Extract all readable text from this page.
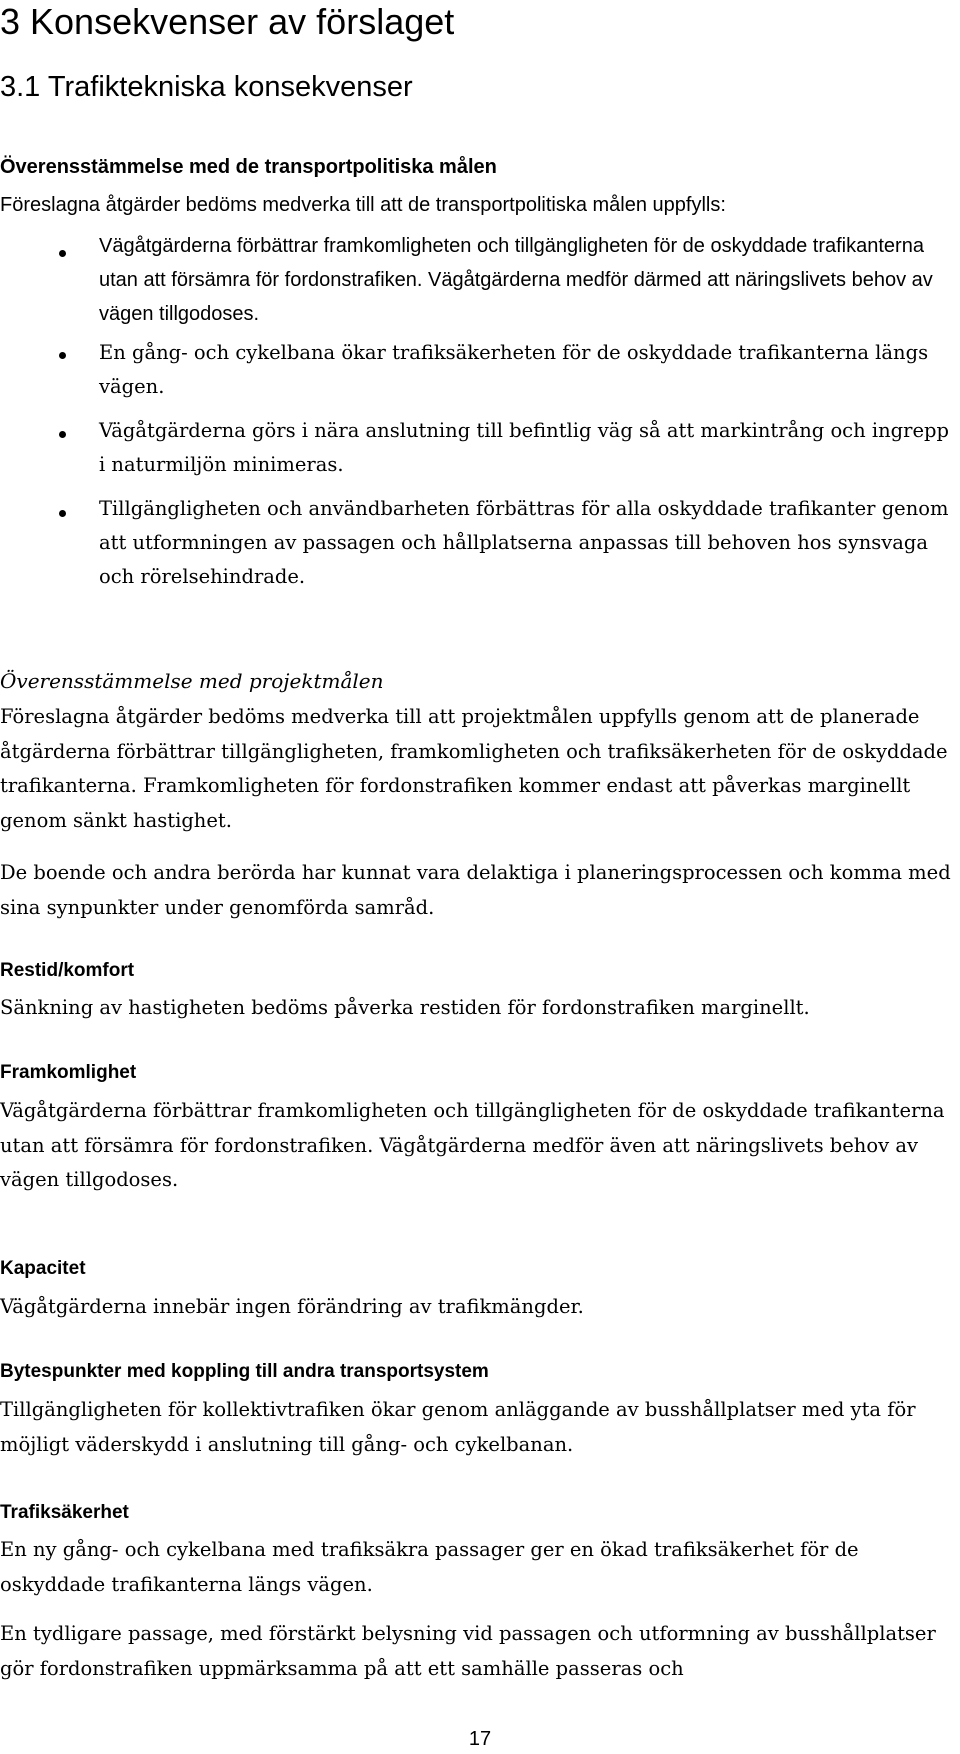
3 Konsekvenser av förslaget
3.1 Trafiktekniska konsekvenser
Överensstämmelse med de transportpolitiska målen

Föreslagna åtgärder bedöms medverka till att de transportpolitiska målen uppfylls:

Vägåtgärderna förbättrar framkomligheten och tillgängligheten för de oskyddade trafikanterna utan att försämra för fordonstrafiken. Vägåtgärderna medför därmed att näringslivets behov av vägen tillgodoses.

En gång- och cykelbana ökar trafiksäkerheten för de oskyddade trafikanterna längs vägen.

Vägåtgärderna görs i nära anslutning till befintlig väg så att markintrång och ingrepp i naturmiljön minimeras.

Tillgängligheten och användbarheten förbättras för alla oskyddade trafikanter genom att utformningen av passagen och hållplatserna anpassas till behoven hos synsvaga och rörelsehindrade.

Överensstämmelse med projektmålen

Föreslagna åtgärder bedöms medverka till att projektmålen uppfylls genom att de planerade åtgärderna förbättrar tillgängligheten, framkomligheten och trafiksäkerheten för de oskyddade trafikanterna. Framkomligheten för fordonstrafiken kommer endast att påverkas marginellt genom sänkt hastighet.

De boende och andra berörda har kunnat vara delaktiga i planeringsprocessen och komma med sina synpunkter under genomförda samråd.

Restid/komfort

Sänkning av hastigheten bedöms påverka restiden för fordonstrafiken marginellt.

Framkomlighet

Vägåtgärderna förbättrar framkomligheten och tillgängligheten för de oskyddade trafikanterna utan att försämra för fordonstrafiken. Vägåtgärderna medför även att näringslivets behov av vägen tillgodoses.

Kapacitet

Vägåtgärderna innebär ingen förändring av trafikmängder.

Bytespunkter med koppling till andra transportsystem

Tillgängligheten för kollektivtrafiken ökar genom anläggande av busshållplatser med yta för möjligt väderskydd i anslutning till gång- och cykelbanan.

Trafiksäkerhet

En ny gång- och cykelbana med trafiksäkra passager ger en ökad trafiksäkerhet för de oskyddade trafikanterna längs vägen.

En tydligare passage, med förstärkt belysning vid passagen och utformning av busshållplatser gör fordonstrafiken uppmärksamma på att ett samhälle passeras och

17
